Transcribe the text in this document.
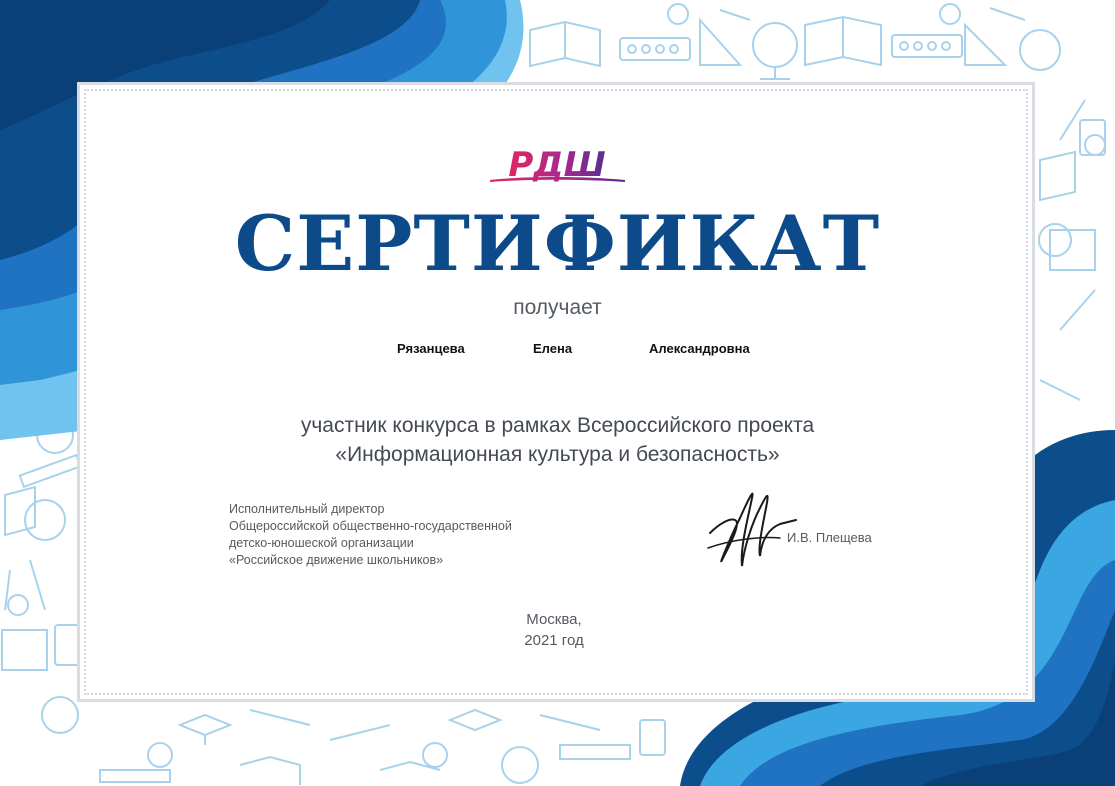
РДШ
СЕРТИФИКАТ
получает
Рязанцева	Елена	Александровна
участник конкурса в рамках Всероссийского проекта
«Информационная культура и безопасность»
Исполнительный директор
Общероссийской общественно-государственной
детско-юношеской организации
«Российское движение школьников»
И.В. Плещева
Москва,
2021 год
